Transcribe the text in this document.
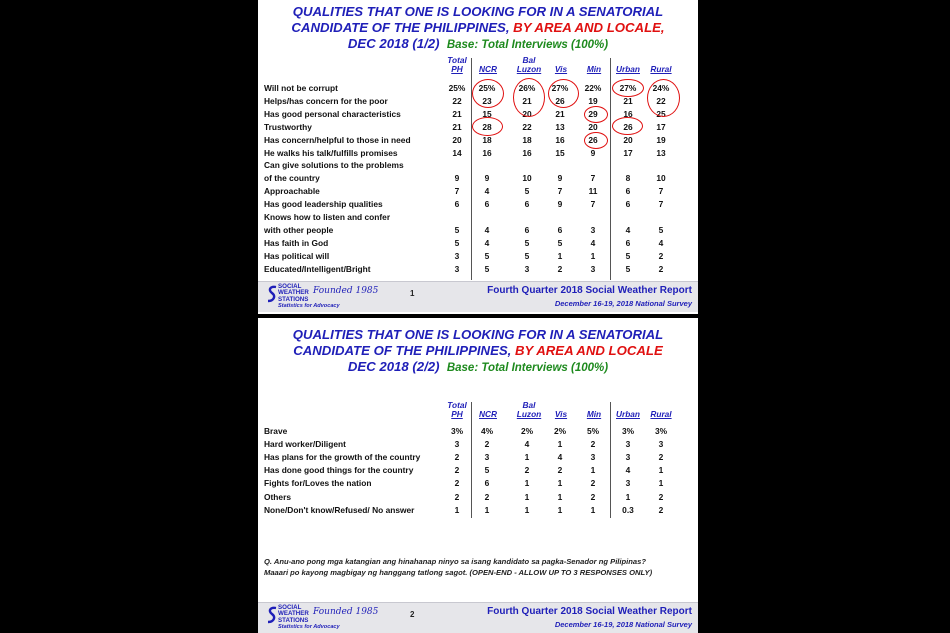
QUALITIES THAT ONE IS LOOKING FOR IN A SENATORIAL
CANDIDATE OF THE PHILIPPINES, BY AREA AND LOCALE,
DEC 2018 (1/2) Base: Total Interviews (100%)
Total
PH	NCR
Bal
Luzon	Vis	Min	Urban	Rural
Will not be corrupt	25%	25%	26%	27%	22%	27%	24%
Helps/has concern for the poor	22	23	21	26	19	21	22
Has good personal characteristics	21	15	20	21	29	16	25
Trustworthy	21	28	22	13	20	26	17
Has concern/helpful to those in need	20	18	18	16	26	20	19
He walks his talk/fulfills promises	14	16	16	15	9	17	13
Can give solutions to the problems
of the country	9	9	10	9	7	8	10
Approachable	7	4	5	7	11	6	7
Has good leadership qualities	6	6	6	9	7	6	7
Knows how to listen and confer
with other people	5	4	6	6	3	4	5
Has faith in God	5	4	5	5	4	6	4
Has political will	3	5	5	1	1	5	2
Educated/Intelligent/Bright	3	5	3	2	3	5	2
SOCIAL
WEATHER
STATIONS
Founded 1985
Statistics for Advocacy
1	Fourth Quarter 2018 Social Weather Report
December 16-19, 2018 National Survey
QUALITIES THAT ONE IS LOOKING FOR IN A SENATORIAL
CANDIDATE OF THE PHILIPPINES, BY AREA AND LOCALE
DEC 2018 (2/2) Base: Total Interviews (100%)
Total
PH	NCR
Bal
Luzon	Vis	Min	Urban	Rural
Brave	3%	4%	2%	2%	5%	3%	3%
Hard worker/Diligent	3	2	4	1	2	3	3
Has plans for the growth of the country	2	3	1	4	3	3	2
Has done good things for the country	2	5	2	2	1	4	1
Fights for/Loves the nation	2	6	1	1	2	3	1
Others	2	2	1	1	2	1	2
None/Don't know/Refused/ No answer	1	1	1	1	1	0.3	2
Q. Anu-ano pong mga katangian ang hinahanap ninyo sa isang kandidato sa pagka-Senador ng Pilipinas? Maaari po kayong magbigay ng hanggang tatlong sagot. (OPEN-END - ALLOW UP TO 3 RESPONSES ONLY)
SOCIAL
WEATHER
STATIONS
Founded 1985
Statistics for Advocacy
2	Fourth Quarter 2018 Social Weather Report
December 16-19, 2018 National Survey
